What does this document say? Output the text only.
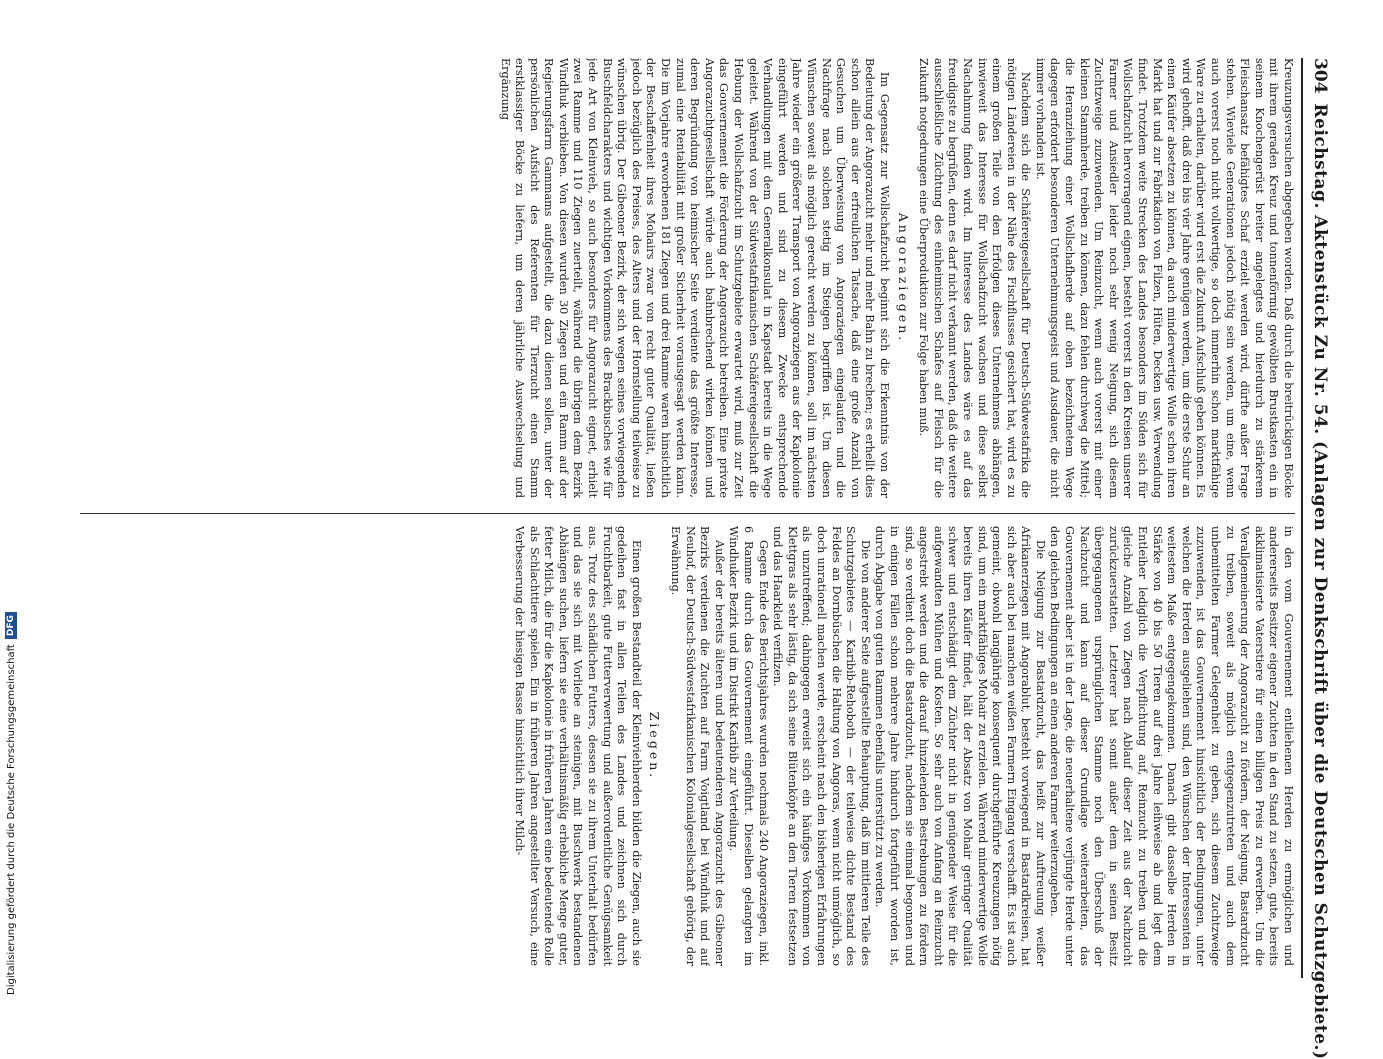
304
Reichstag. Aktenstück Zu Nr. 54. (Anlagen zur Denkschrift über die Deutschen Schutzgebiete.)

Kreuzungsversuchen abgegeben worden. Daß durch die breitrückigen Böcke mit ihrem geraden Kreuz und tonnenförmig gewölbten Brustkasten ein in seinem Knochengerüst breiter angelegtes und hierdurch zu stärkerem Fleischansatz befähigtes Schaf erzielt werden wird, dürfte außer Frage stehen. Wieviele Generationen jedoch nötig sein werden, um eine, wenn auch vorerst noch nicht vollwertige, so doch immerhin schon marktfähige Ware zu erhalten, darüber wird erst die Zukunft Aufschluß geben können. Es wird gehofft, daß drei bis vier Jahre genügen werden, um die erste Schur an einen Käufer absetzen zu können, da auch minderwertige Wolle schon ihren Markt hat und zur Fabrikation von Filzen, Hüten, Decken usw. Verwendung findet. Trotzdem weite Strecken des Landes besonders im Süden sich für Wollschafzucht hervorragend eignen, besteht vorerst in den Kreisen unserer Farmer und Ansiedler leider noch sehr wenig Neigung, sich diesem Zuchtzweige zuzuwenden. Um Reinzucht, wenn auch vorerst mit einer kleinen Stammherde, treiben zu können, dazu fehlen durchweg die Mittel; die Heranziehung einer Wollschafherde auf oben bezeichnetem Wege dagegen erfordert besonderen Unternehmungsgeist und Ausdauer, die nicht immer vorhanden ist.

Nachdem sich die Schäfereigesellschaft für Deutsch-Südwestafrika die nötigen Ländereien in der Nähe des Fischflusses gesichert hat, wird es zu einem großen Teile von den Erfolgen dieses Unternehmens abhängen, inwieweit das Interesse für Wollschafzucht wachsen und diese selbst Nachahmung finden wird. Im Interesse des Landes wäre es auf das freudigste zu begrüßen, denn es darf nicht verkannt werden, daß die weitere ausschließliche Züchtung des einheimischen Schafes auf Fleisch für die Zukunft notgedrungen eine Überproduktion zur Folge haben muß.

Angoraziegen.

Im Gegensatz zur Wollschafzucht beginnt sich die Erkenntnis von der Bedeutung der Angorazucht mehr und mehr Bahn zu brechen; es erhellt dies schon allein aus der erfreulichen Tatsache, daß eine große Anzahl von Gesuchen um Überweisung von Angoraziegen eingelaufen und die Nachfrage nach solchen stetig im Steigen begriffen ist. Um diesen Wünschen soweit als möglich gerecht werden zu können, soll im nächsten Jahre wieder ein größerer Transport von Angoraziegen aus der Kapkolonie eingeführt werden und sind zu diesem Zwecke entsprechende Verhandlungen mit dem Generalkonsulat in Kapstadt bereits in die Wege geleitet. Während von der Südwestafrikanischen Schäfereigesellschaft die Hebung der Wollschafzucht im Schutzgebiete erwartet wird, muß zur Zeit das Gouvernement die Förderung der Angorazucht betreiben. Eine private Angorazuchtgesellschaft würde auch bahnbrechend wirken können und deren Begründung von heimischer Seite verdiente das größte Interesse, zumal eine Rentabilität mit großer Sicherheit vorausgesagt werden kann. Die im Vorjahre erworbenen 181 Ziegen und drei Ramme waren hinsichtlich der Beschaffenheit ihres Mohairs zwar von recht guter Qualität, ließen jedoch bezüglich des Preises, des Alters und der Hornstellung teilweise zu wünschen übrig. Der Gibeoner Bezirk, der sich wegen seines vorwiegenden Buschfeldcharakters und wichtigen Vorkommens des Brackbusches wie für jede Art von Kleinvieh, so auch besonders für Angorazucht eignet, erhielt zwei Ramme und 110 Ziegen zuerteilt, während die übrigen dem Bezirk Windhuk verblieben. Von diesen wurden 30 Ziegen und ein Ramm auf der Regierungsfarm Gammams aufgestellt, die dazu dienen sollen, unter der persönlichen Aufsicht des Referenten für Tierzucht einen Stamm erstklassiger Böcke zu liefern, um deren jährliche Auswechselung und Ergänzung

in den vom Gouvernement entliehenen Herden zu ermöglichen und andererseits Besitzer eigener Zuchten in den Stand zu setzen, gute, bereits akklimatisierte Vaterstiere für einen billigen Preis zu erwerben. Um die Verallgemeinerung der Angorazucht zu fördern, der Neigung, Bastardzucht zu treiben, soweit als möglich entgegenzutreten und auch dem unbemittelten Farmer Gelegenheit zu geben, sich diesem Zuchtzweige zuzuwenden, ist das Gouvernement hinsichtlich der Bedingungen, unter welchen die Herden ausgeliehen sind, den Wünschen der Interessenten in weitestem Maße entgegengekommen. Danach gibt dasselbe Herden in Stärke von 40 bis 50 Tieren auf drei Jahre leihweise ab und legt dem Entleiher lediglich die Verpflichtung auf, Reinzucht zu treiben und die gleiche Anzahl von Ziegen nach Ablauf dieser Zeit aus der Nachzucht zurückzuerstatten. Letzterer hat somit außer dem in seinen Besitz übergegangenen ursprünglichen Stamme noch den Überschuß der Nachzucht und kann auf dieser Grundlage weiterarbeiten, das Gouvernement aber ist in der Lage, die neuerhaltene verjüngte Herde unter den gleichen Bedingungen an einen anderen Farmer weiterzugeben.

Die Neigung zur Bastardzucht, das heißt zur Auftreuung weißer Afrikanerziegen mit Angorablut, besteht vorwiegend in Bastardkreisen, hat sich aber auch bei manchen weißen Farmern Eingang verschafft. Es ist auch gemeint, obwohl langjährige konsequent durchgeführte Kreuzungen nötig sind, um ein marktfähiges Mohair zu erzielen. Während minderwertige Wolle bereits ihren Käufer findet, hält der Absatz von Mohair geringer Qualität schwer und entschädigt dem Züchter nicht in genügender Weise für die aufgewandten Mühen und Kosten. So sehr auch von Anfang an Reinzucht angestrebt werden und die darauf hinzielenden Bestrebungen zu fördern sind, so verdient doch die Bastardzucht, nachdem sie einmal begonnen und in einigen Fällen schon mehrere Jahre hindurch fortgeführt worden ist, durch Abgabe von guten Rammen ebenfalls unterstützt zu werden.

Die von anderer Seite aufgestellte Behauptung, daß im mittleren Teile des Schutzgebietes — Karibib-Rehoboth — der teilweise dichte Bestand des Feldes an Dornbüschen die Haltung von Angoras, wenn nicht unmöglich, so doch unrationell machen werde, erscheint nach den bisherigen Erfahrungen als unzutreffend; dahingegen erweist sich ein häufiges Vorkommen von Klettgras als sehr lästig, da sich seine Blütenköpfe an den Tieren festsetzen und das Haarkleid verfilzen.

Gegen Ende des Berichtsjahres wurden nochmals 240 Angoraziegen, inkl. 6 Ramme durch das Gouvernement eingeführt. Dieselben gelangten im Windhuker Bezirk und im Distrikt Karibib zur Verteilung.

Außer der bereits älteren und bedeutenderen Angorazucht des Gibeoner Bezirks verdienen die Zuchten auf Farm Voigtland bei Windhuk und auf Neuhof, der Deutsch-Südwestafrikanischen Kolonialgesellschaft gehörig, der Erwähnung.

Ziegen.

Einen großen Bestandteil der Kleinviehherden bilden die Ziegen, auch sie gedeihen fast in allen Teilen des Landes und zeichnen sich durch Fruchtbarkeit, gute Futterverwertung und außerordentliche Genügsamkeit aus. Trotz des schädlichen Futters, dessen sie zu ihrem Unterhalt bedürfen und das sie sich mit Vorliebe an steinigen, mit Buschwerk bestandenen Abhängen suchen, liefern sie eine verhältnismäßig erhebliche Menge guter, fetter Milch, die für die Kapkolonie in früheren Jahren eine bedeutende Rolle als Schlachttiere spielen. Ein in früheren Jahren angestellter Versuch, eine Verbesserung der hiesigen Rasse hinsichtlich ihrer Milch-

Digitalisierung gefördert durch die Deutsche Forschungsgemeinschaft
DFG
